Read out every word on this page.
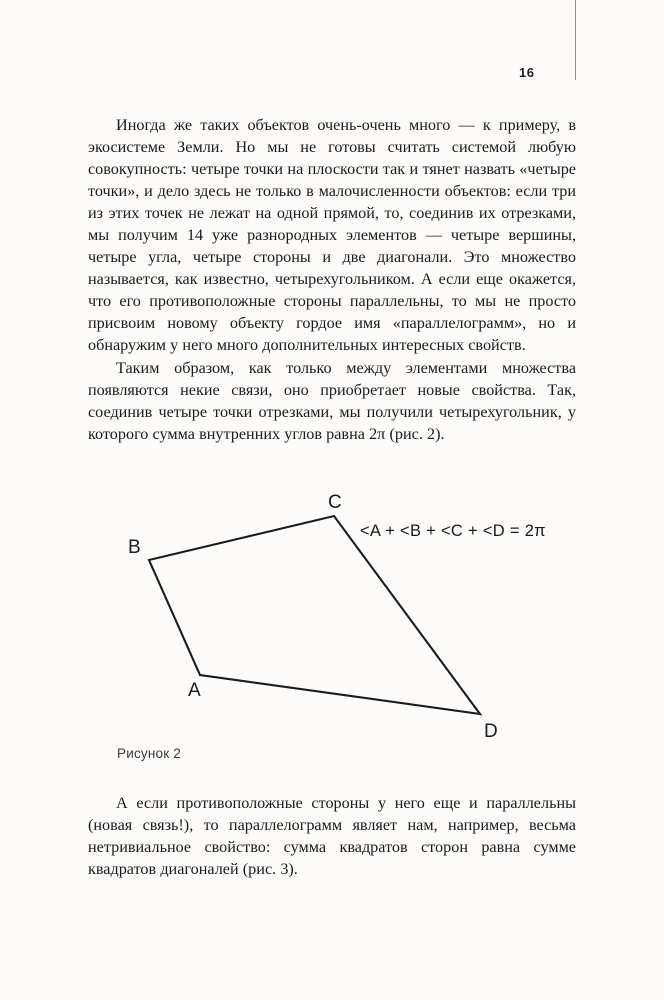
16

Иногда же таких объектов очень-очень много — к примеру, в экосистеме Земли. Но мы не готовы считать системой любую совокупность: четыре точки на плоскости так и тянет назвать «четыре точки», и дело здесь не только в малочисленности объектов: если три из этих точек не лежат на одной прямой, то, соединив их отрезками, мы получим 14 уже разнородных элементов — четыре вершины, четыре угла, четыре стороны и две диагонали. Это множество называется, как известно, четырехугольником. А если еще окажется, что его противоположные стороны параллельны, то мы не просто присвоим новому объекту гордое имя «параллелограмм», но и обнаружим у него много дополнительных интересных свойств.

Таким образом, как только между элементами множества появляются некие связи, оно приобретает новые свойства. Так, соединив четыре точки отрезками, мы получили четырехугольник, у которого сумма внутренних углов равна 2π (рис. 2).

A
B
C
D
<A + <B + <C + <D = 2π
Рисунок 2

А если противоположные стороны у него еще и параллельны (новая связь!), то параллелограмм являет нам, например, весьма нетривиальное свойство: сумма квадратов сторон равна сумме квадратов диагоналей (рис. 3).
